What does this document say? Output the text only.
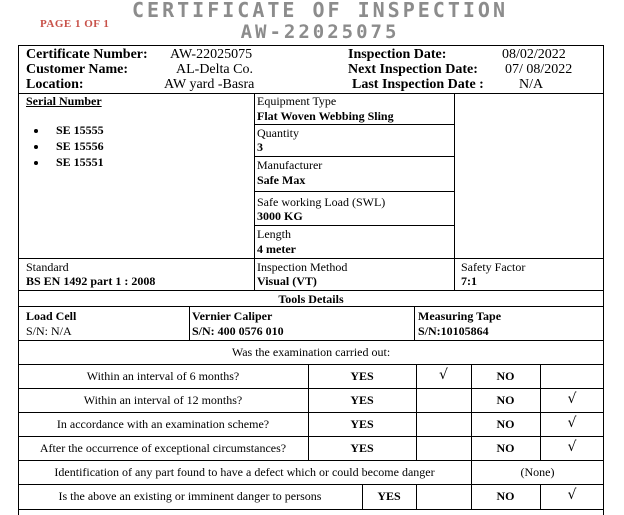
PAGE 1 OF 1
CERTIFICATE OF INSPECTION
AW-22025075
Certificate Number: AW-22025075
Customer Name:	AL-Delta Co.
Location:	AW yard -Basra
Inspection Date:	08/02/2022
Next Inspection Date: 07/ 08/2022
Last Inspection Date :	N/A
Serial Number
• SE 15555
• SE 15556
• SE 15551
Equipment Type
Flat Woven Webbing Sling
Quantity
3
Manufacturer
Safe Max
Safe working Load (SWL)
3000 KG
Length
4 meter
Standard
BS EN 1492 part 1 : 2008
Inspection Method
Visual (VT)
Safety Factor
7:1
Tools Details
Load Cell
S/N: N/A
Vernier Caliper
S/N: 400 0576 010
Measuring Tape
S/N:10105864
Was the examination carried out:
Within an interval of 6 months?	YES	√	NO
Within an interval of 12 months?	YES	NO	√
In accordance with an examination scheme?	YES	NO	√
After the occurrence of exceptional circumstances?	YES	NO	√
Identification of any part found to have a defect which or could become danger	(None)
Is the above an existing or imminent danger to persons	YES	NO	√
